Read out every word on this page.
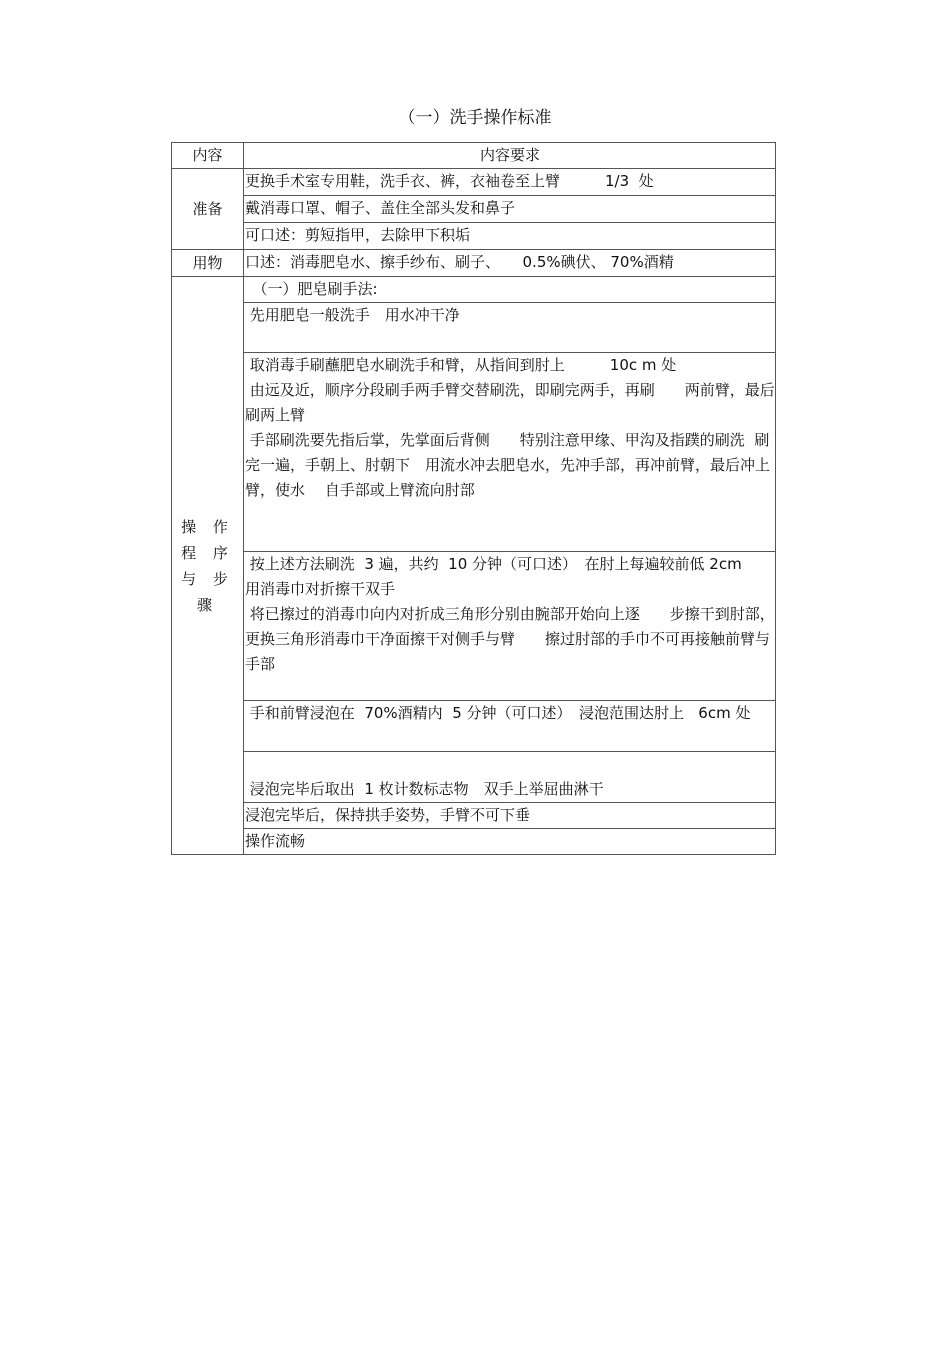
（一）洗手操作标准
内容	内容要求
准备	更换手术室专用鞋，洗手衣、裤，衣袖卷至上臂　　　1/3  处

	戴消毒口罩、帽子、盖住全部头发和鼻子

	可口述：剪短指甲，去除甲下积垢

用物	口述：消毒肥皂水、擦手纱布、刷子、　　0.5%碘伏、 70%酒精

操 作 程 序 与 步 骤	　（一）肥皂刷手法:

	先用肥皂一般洗手　用水冲干净

	取消毒手刷蘸肥皂水刷洗手和臂，从指间到肘上　　　10c m 处
由远及近，顺序分段刷手两手臂交替刷洗，即刷完两手，再刷　　两前臂，最后刷两上臂
手部刷洗要先指后掌，先掌面后背侧　　特别注意甲缘、甲沟及指蹼的刷洗  刷完一遍，手朝上、肘朝下　用流水冲去肥皂水，先冲手部，再冲前臂，最后冲上臂，使水　 自手部或上臂流向肘部

	按上述方法刷洗  3 遍，共约  10 分钟（可口述）　在肘上每遍较前低 2cm
用消毒巾对折擦干双手
将已擦过的消毒巾向内对折成三角形分别由腕部开始向上逐　　步擦干到肘部，更换三角形消毒巾干净面擦干对侧手与臂　　擦过肘部的手巾不可再接触前臂与手部

	手和前臂浸泡在  70%酒精内  5 分钟（可口述）　浸泡范围达肘上   6cm 处

	浸泡完毕后取出  1 枚计数标志物　双手上举屈曲淋干

	浸泡完毕后，保持拱手姿势，手臂不可下垂

	操作流畅
